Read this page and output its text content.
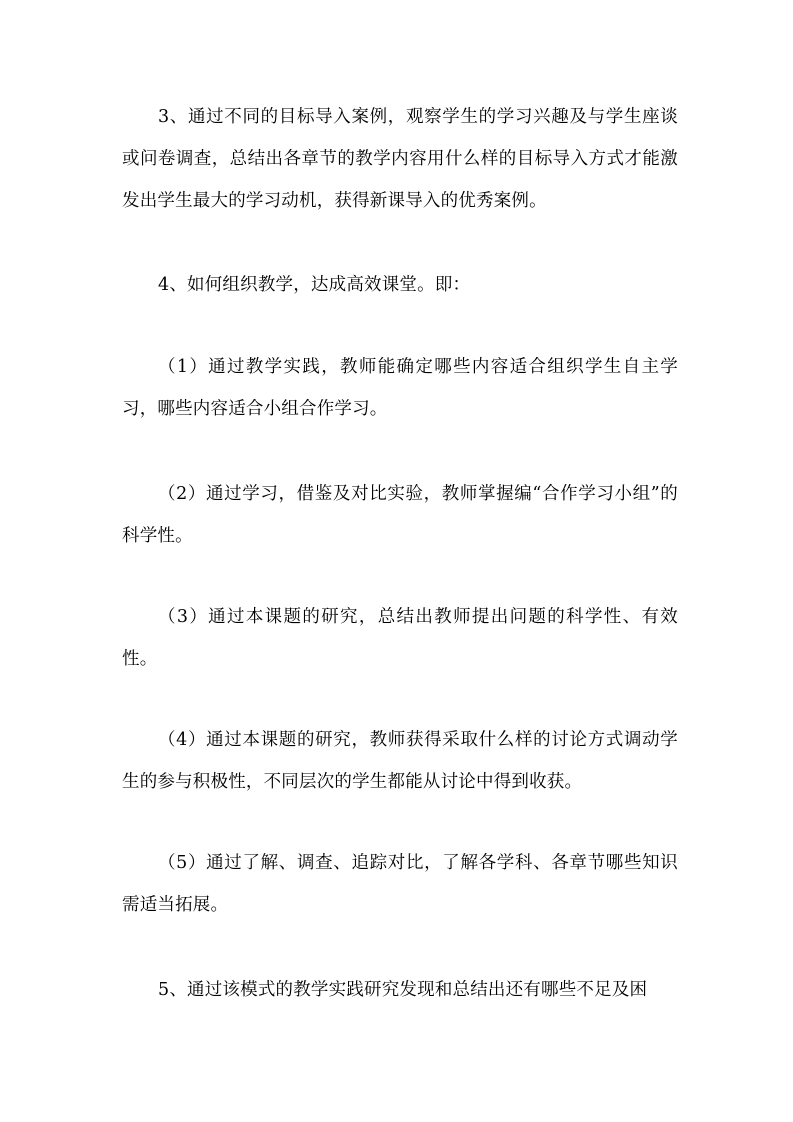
3、通过不同的目标导入案例，观察学生的学习兴趣及与学生座谈或问卷调查，总结出各章节的教学内容用什么样的目标导入方式才能激发出学生最大的学习动机，获得新课导入的优秀案例。

4、如何组织教学，达成高效课堂。即：

（1）通过教学实践，教师能确定哪些内容适合组织学生自主学习，哪些内容适合小组合作学习。

（2）通过学习，借鉴及对比实验，教师掌握编“合作学习小组”的科学性。

（3）通过本课题的研究，总结出教师提出问题的科学性、有效性。

（4）通过本课题的研究，教师获得采取什么样的讨论方式调动学生的参与积极性，不同层次的学生都能从讨论中得到收获。

（5）通过了解、调查、追踪对比，了解各学科、各章节哪些知识需适当拓展。

5、通过该模式的教学实践研究发现和总结出还有哪些不足及困
